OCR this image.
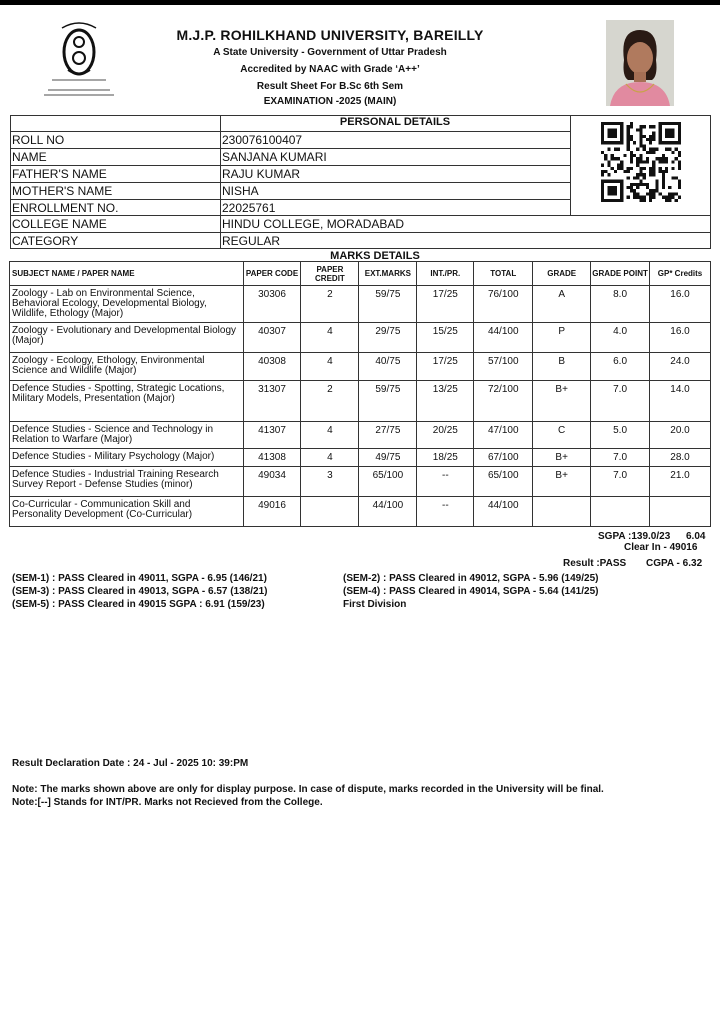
M.J.P. ROHILKHAND UNIVERSITY, BAREILLY
A State University - Government of Uttar Pradesh
Accredited by NAAC with Grade ‘A++’
Result Sheet For B.Sc 6th Sem
EXAMINATION -2025 (MAIN)
PERSONAL DETAILS
ROLL NO	230076100407
NAME	SANJANA KUMARI
FATHER'S NAME	RAJU KUMAR
MOTHER'S NAME	NISHA
ENROLLMENT NO.	22025761
COLLEGE NAME	HINDU COLLEGE, MORADABAD
CATEGORY	REGULAR
MARKS DETAILS
SUBJECT NAME / PAPER NAME	PAPER CODE	PAPER CREDIT	EXT.MARKS	INT./PR.	TOTAL	GRADE	GRADE POINT	GP* Credits
Zoology - Lab on Environmental Science, Behavioral Ecology, Developmental Biology, Wildlife, Ethology (Major)	30306	2	59/75	17/25	76/100	A	8.0	16.0
Zoology - Evolutionary and Developmental Biology (Major)	40307	4	29/75	15/25	44/100	P	4.0	16.0
Zoology - Ecology, Ethology, Environmental Science and Wildlife (Major)	40308	4	40/75	17/25	57/100	B	6.0	24.0
Defence Studies - Spotting, Strategic Locations, Military Models, Presentation (Major)	31307	2	59/75	13/25	72/100	B+	7.0	14.0
Defence Studies - Science and Technology in Relation to Warfare (Major)	41307	4	27/75	20/25	47/100	C	5.0	20.0
Defence Studies - Military Psychology (Major)	41308	4	49/75	18/25	67/100	B+	7.0	28.0
Defence Studies - Industrial Training Research Survey Report - Defense Studies (minor)	49034	3	65/100	--	65/100	B+	7.0	21.0
Co-Curricular - Communication Skill and Personality Development (Co-Curricular)	49016		44/100	--	44/100			
SGPA :139.0/23 6.04
Clear In - 49016
Result :PASS CGPA - 6.32
(SEM-1) : PASS Cleared in 49011, SGPA - 6.95 (146/21)	(SEM-2) : PASS Cleared in 49012, SGPA - 5.96 (149/25)
(SEM-3) : PASS Cleared in 49013, SGPA - 6.57 (138/21)	(SEM-4) : PASS Cleared in 49014, SGPA - 5.64 (141/25)
(SEM-5) : PASS Cleared in 49015 SGPA : 6.91 (159/23)	First Division
Result Declaration Date : 24 - Jul - 2025 10: 39:PM
Note: The marks shown above are only for display purpose. In case of dispute, marks recorded in the University will be final.
Note:[--] Stands for INT/PR. Marks not Recieved from the College.
